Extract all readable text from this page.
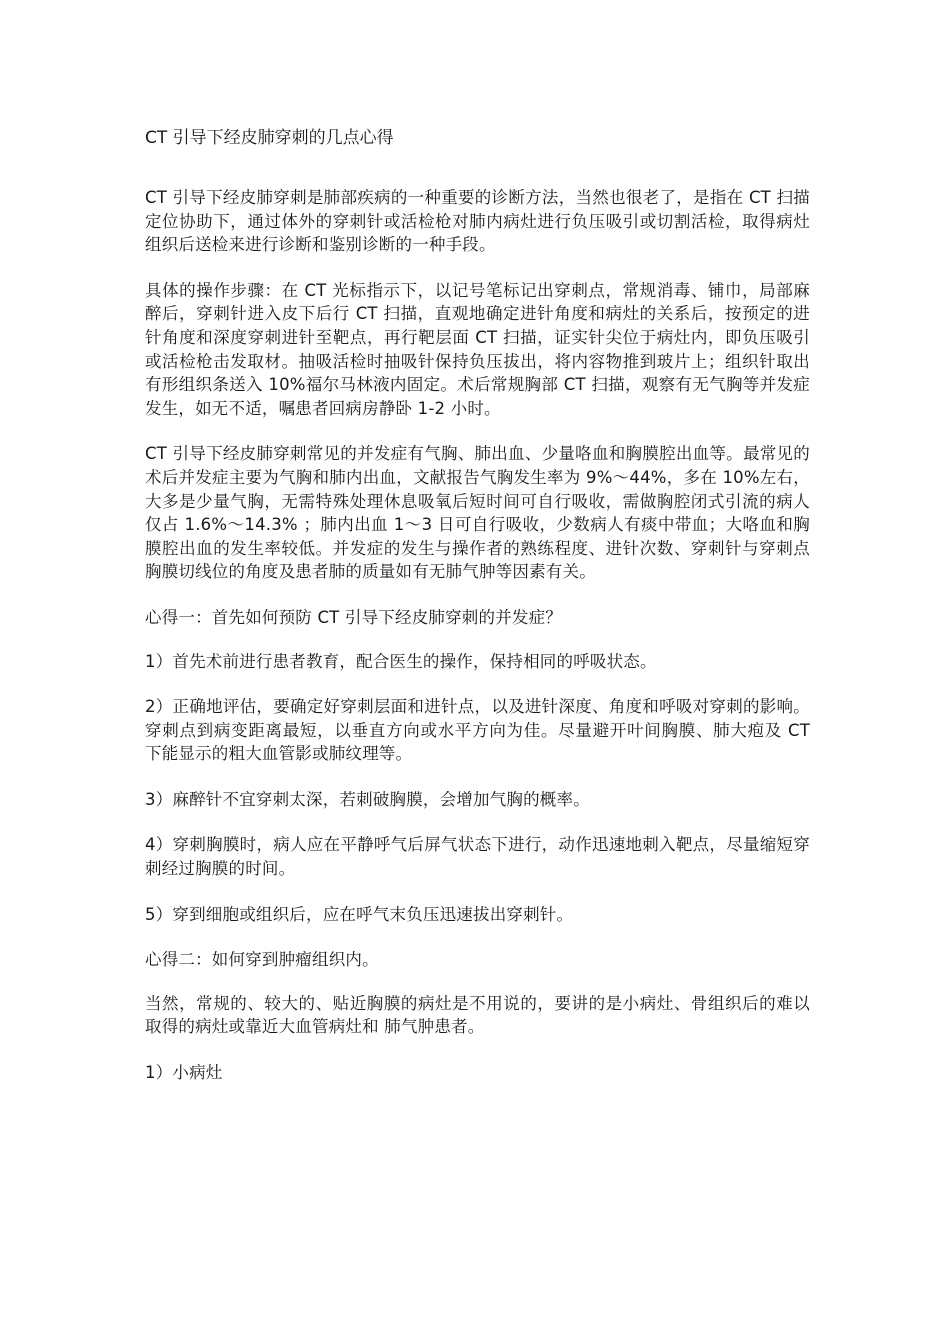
CT 引导下经皮肺穿刺的几点心得

CT 引导下经皮肺穿刺是肺部疾病的一种重要的诊断方法，当然也很老了，是指在 CT 扫描定位协助下，通过体外的穿刺针或活检枪对肺内病灶进行负压吸引或切割活检，取得病灶组织后送检来进行诊断和鉴别诊断的一种手段。

具体的操作步骤：在 CT 光标指示下，以记号笔标记出穿刺点，常规消毒、铺巾，局部麻醉后，穿刺针进入皮下后行 CT 扫描，直观地确定进针角度和病灶的关系后，按预定的进针角度和深度穿刺进针至靶点，再行靶层面 CT 扫描，证实针尖位于病灶内，即负压吸引或活检枪击发取材。抽吸活检时抽吸针保持负压拔出，将内容物推到玻片上；组织针取出有形组织条送入 10%福尔马林液内固定。术后常规胸部 CT 扫描，观察有无气胸等并发症发生，如无不适，嘱患者回病房静卧 1-2 小时。

CT 引导下经皮肺穿刺常见的并发症有气胸、肺出血、少量咯血和胸膜腔出血等。最常见的术后并发症主要为气胸和肺内出血，文献报告气胸发生率为 9%～44%，多在 10%左右，大多是少量气胸，无需特殊处理休息吸氧后短时间可自行吸收，需做胸腔闭式引流的病人仅占 1.6%～14.3% ；肺内出血 1～3 日可自行吸收，少数病人有痰中带血；大咯血和胸膜腔出血的发生率较低。并发症的发生与操作者的熟练程度、进针次数、穿刺针与穿刺点胸膜切线位的角度及患者肺的质量如有无肺气肿等因素有关。

心得一：首先如何预防 CT 引导下经皮肺穿刺的并发症？

1）首先术前进行患者教育，配合医生的操作，保持相同的呼吸状态。

2）正确地评估，要确定好穿刺层面和进针点，以及进针深度、角度和呼吸对穿刺的影响。穿刺点到病变距离最短，以垂直方向或水平方向为佳。尽量避开叶间胸膜、肺大疱及 CT 下能显示的粗大血管影或肺纹理等。

3）麻醉针不宜穿刺太深，若刺破胸膜，会增加气胸的概率。

4）穿刺胸膜时，病人应在平静呼气后屏气状态下进行，动作迅速地刺入靶点，尽量缩短穿刺经过胸膜的时间。

5）穿到细胞或组织后，应在呼气末负压迅速拔出穿刺针。

心得二：如何穿到肿瘤组织内。

当然，常规的、较大的、贴近胸膜的病灶是不用说的，要讲的是小病灶、骨组织后的难以取得的病灶或靠近大血管病灶和 肺气肿患者。

1）小病灶
